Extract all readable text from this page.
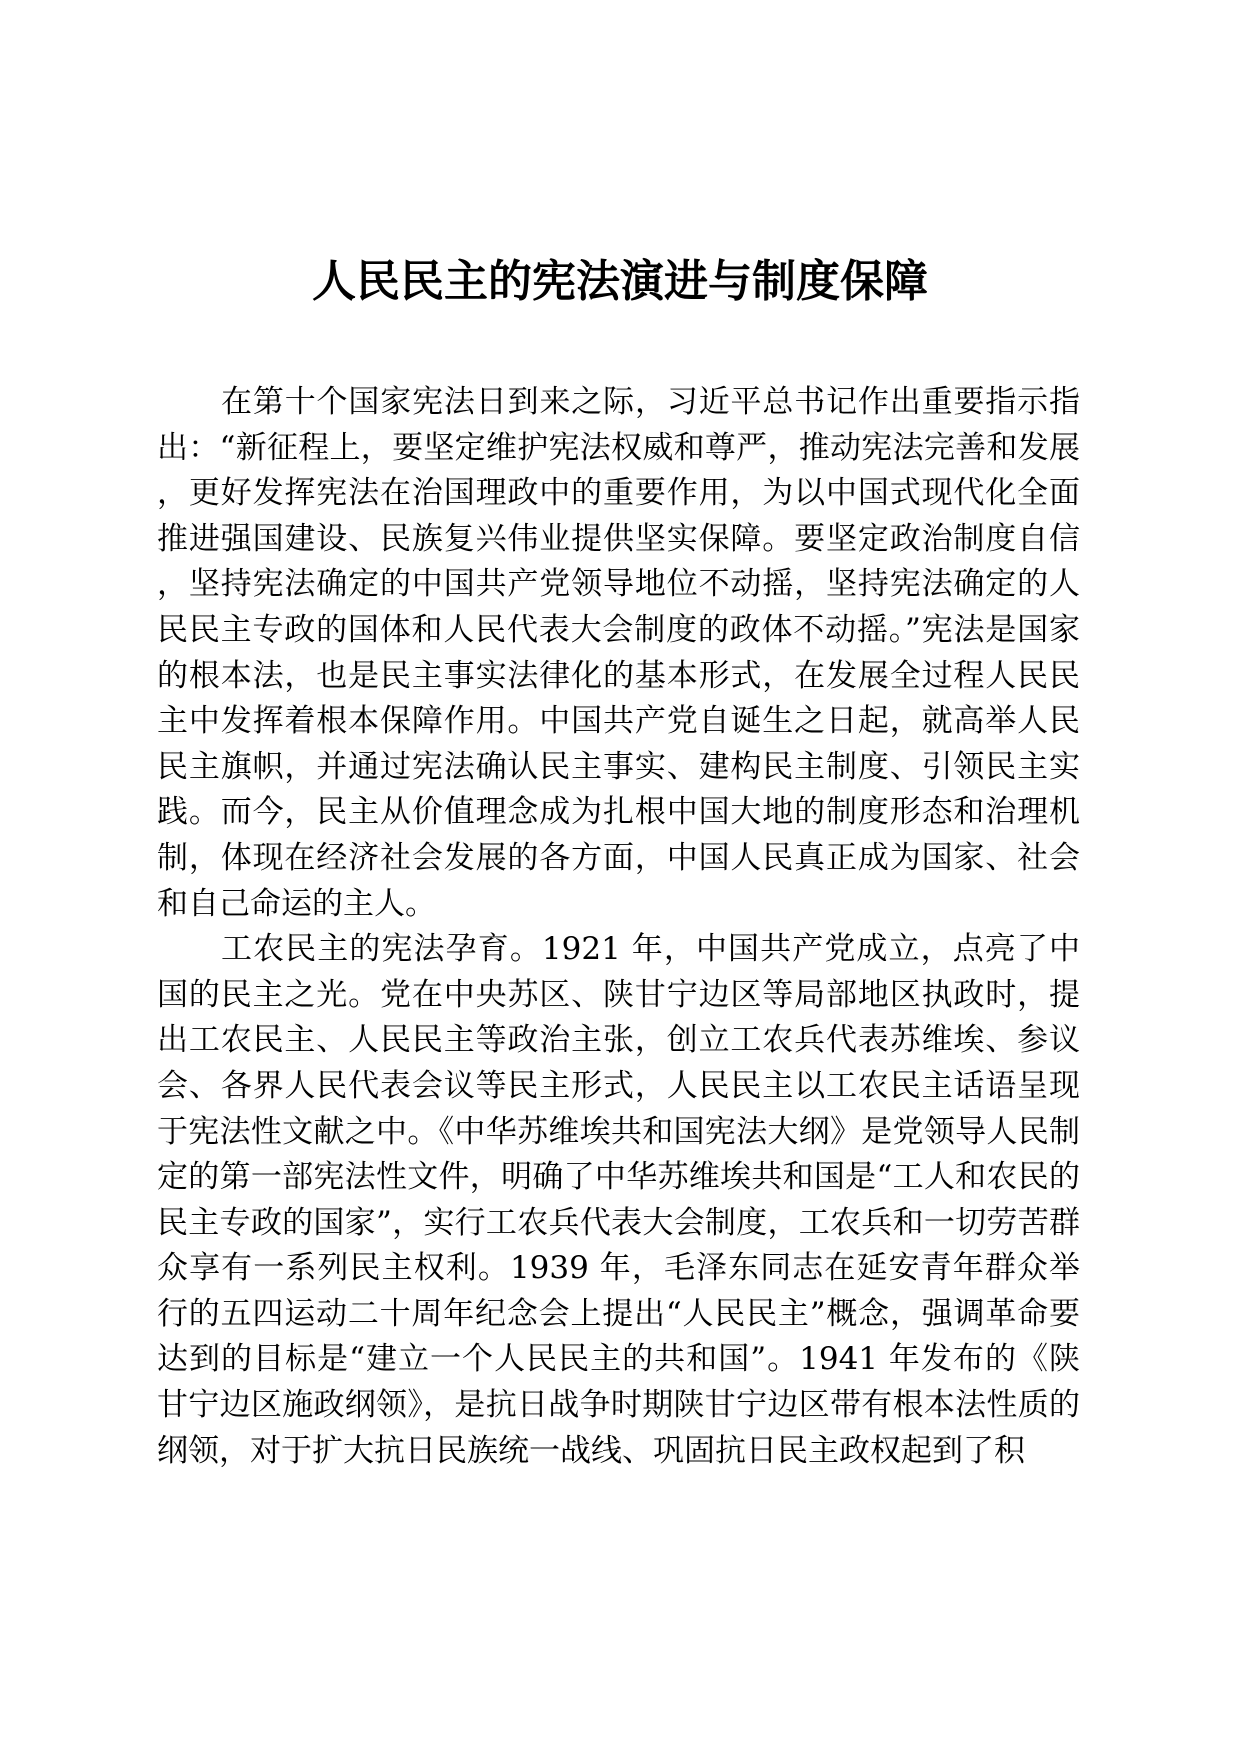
人民民主的宪法演进与制度保障

在第十个国家宪法日到来之际，习近平总书记作出重要指示指出：“新征程上，要坚定维护宪法权威和尊严，推动宪法完善和发展，更好发挥宪法在治国理政中的重要作用，为以中国式现代化全面推进强国建设、民族复兴伟业提供坚实保障。要坚定政治制度自信，坚持宪法确定的中国共产党领导地位不动摇，坚持宪法确定的人民民主专政的国体和人民代表大会制度的政体不动摇。”宪法是国家的根本法，也是民主事实法律化的基本形式，在发展全过程人民民主中发挥着根本保障作用。中国共产党自诞生之日起，就高举人民民主旗帜，并通过宪法确认民主事实、建构民主制度、引领民主实践。而今，民主从价值理念成为扎根中国大地的制度形态和治理机制，体现在经济社会发展的各方面，中国人民真正成为国家、社会和自己命运的主人。

工农民主的宪法孕育。1921 年，中国共产党成立，点亮了中国的民主之光。党在中央苏区、陕甘宁边区等局部地区执政时，提出工农民主、人民民主等政治主张，创立工农兵代表苏维埃、参议会、各界人民代表会议等民主形式，人民民主以工农民主话语呈现于宪法性文献之中。《中华苏维埃共和国宪法大纲》是党领导人民制定的第一部宪法性文件，明确了中华苏维埃共和国是“工人和农民的民主专政的国家”，实行工农兵代表大会制度，工农兵和一切劳苦群众享有一系列民主权利。1939 年，毛泽东同志在延安青年群众举行的五四运动二十周年纪念会上提出“人民民主”概念，强调革命要达到的目标是“建立一个人民民主的共和国”。1941 年发布的《陕甘宁边区施政纲领》，是抗日战争时期陕甘宁边区带有根本法性质的纲领，对于扩大抗日民族统一战线、巩固抗日民主政权起到了积
